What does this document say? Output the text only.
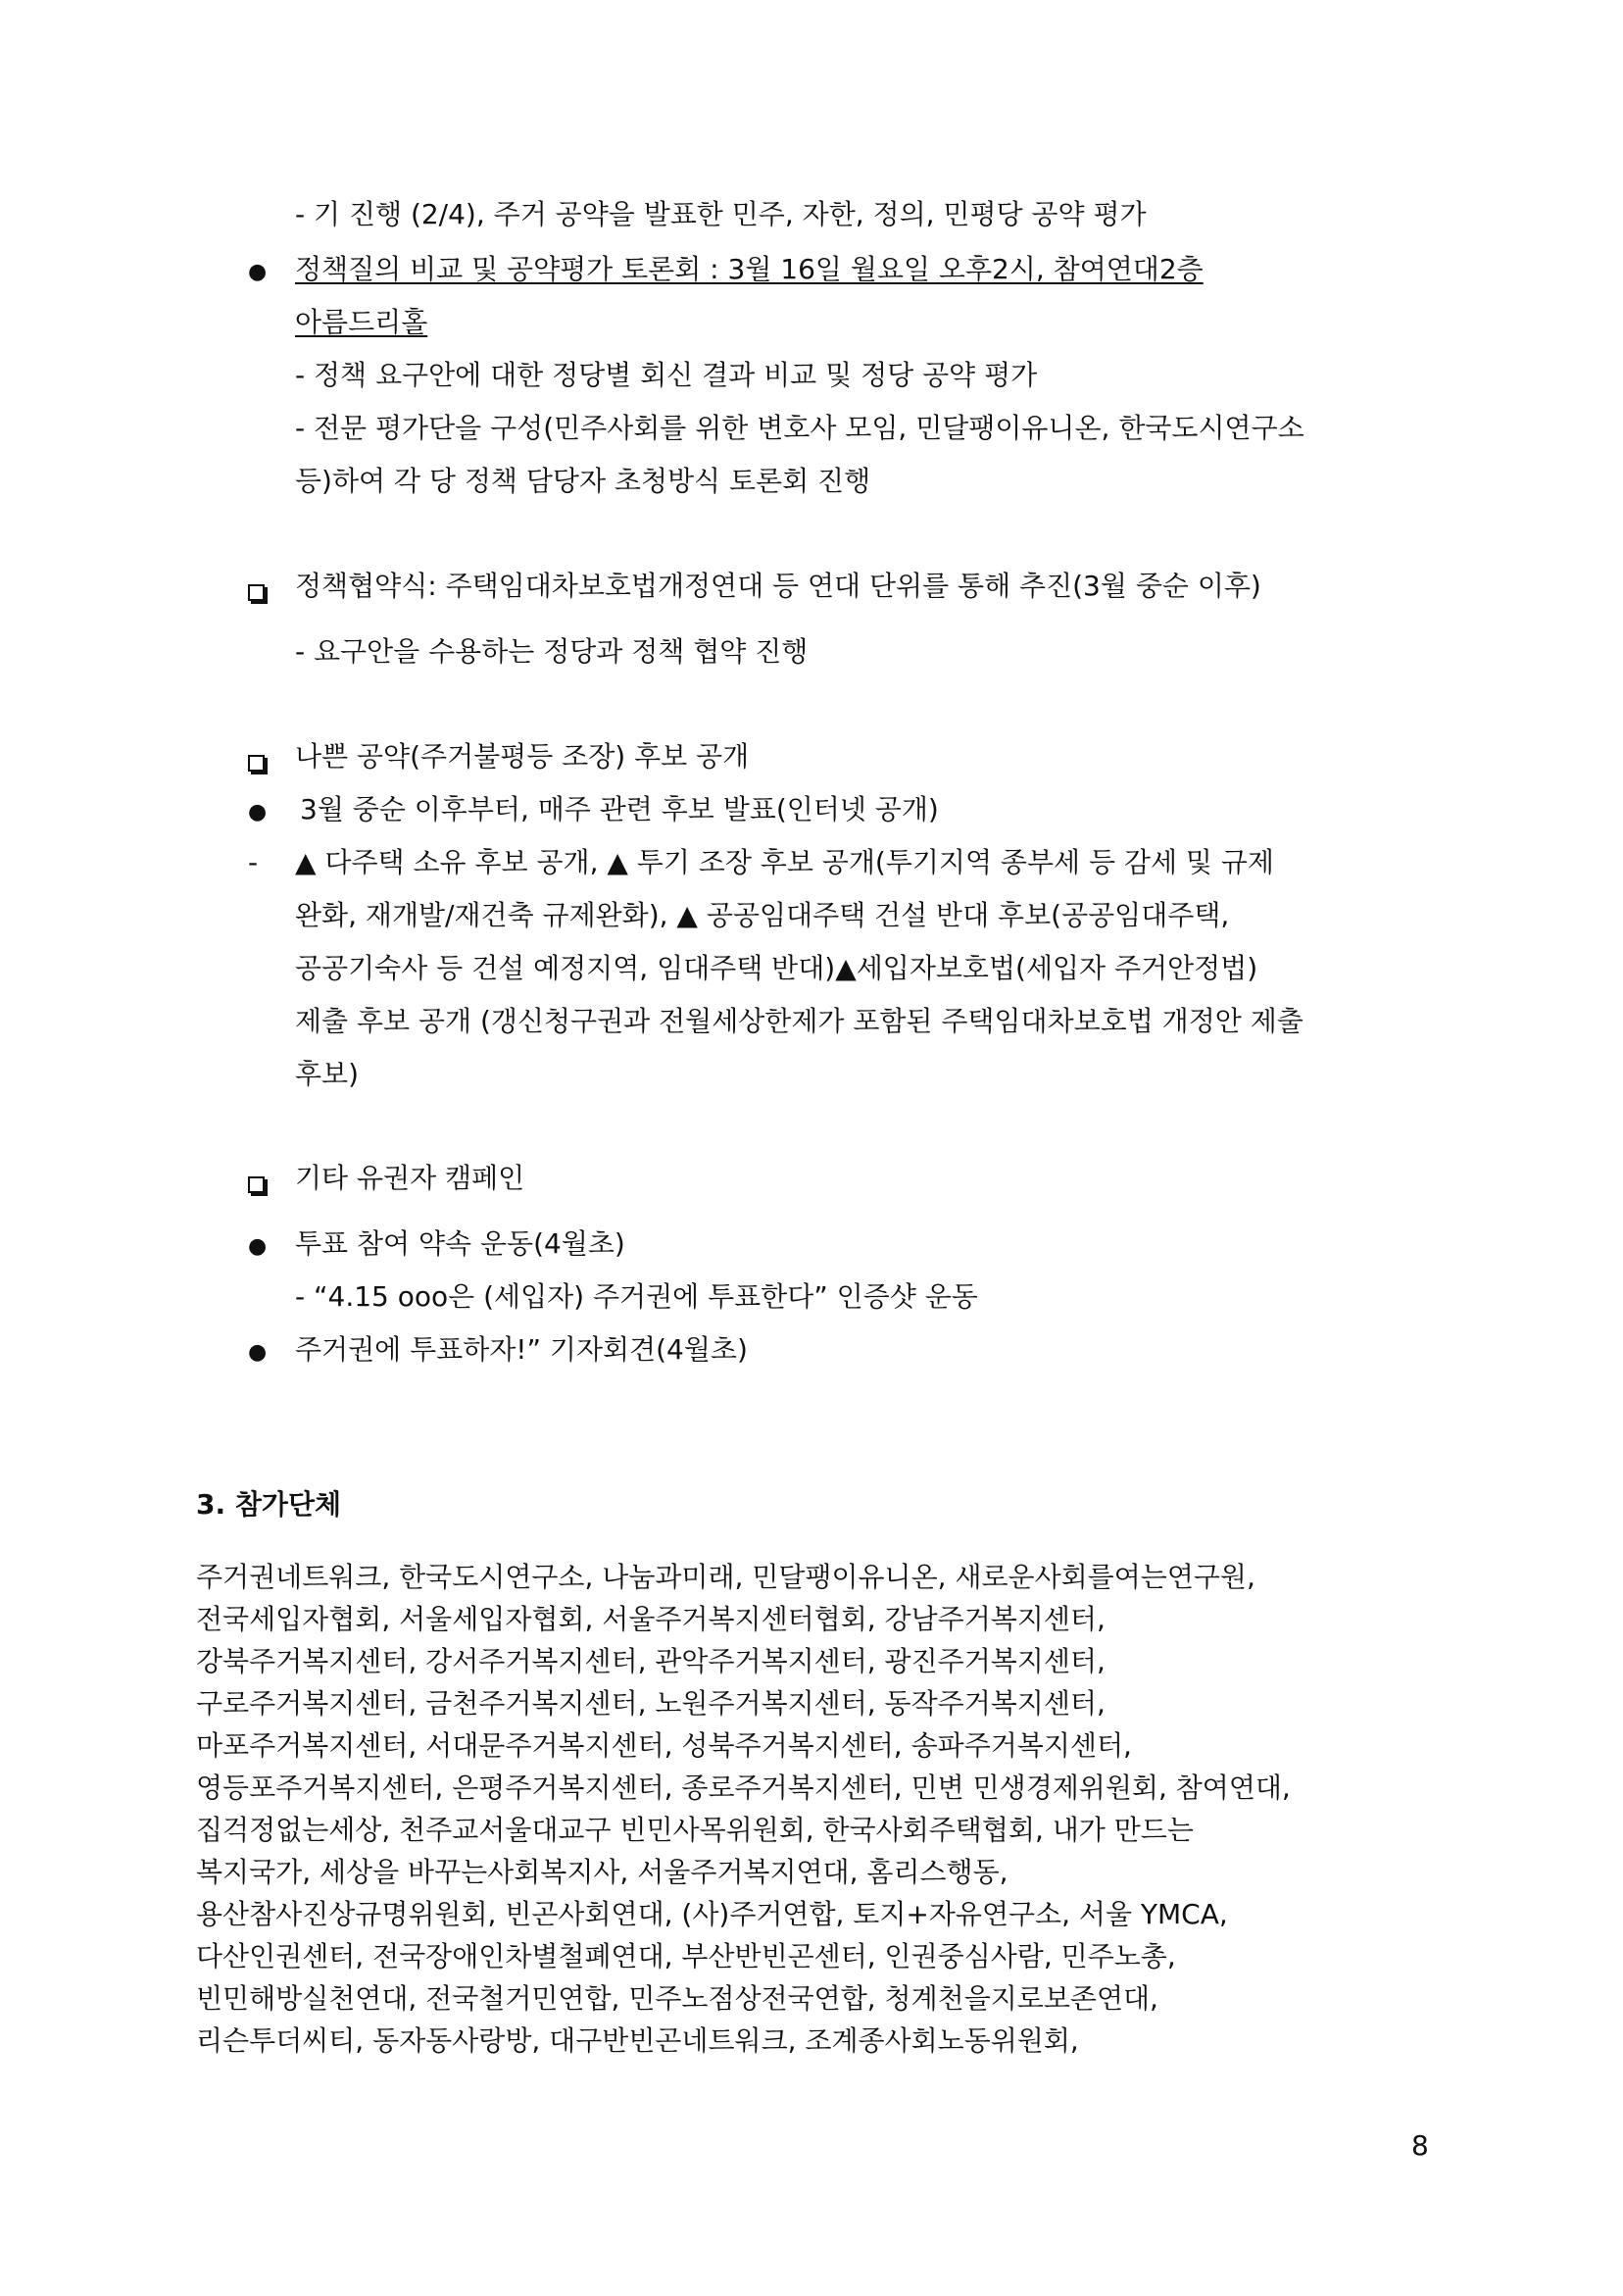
- 기 진행 (2/4), 주거 공약을 발표한 민주, 자한, 정의, 민평당 공약 평가
● 정책질의 비교 및 공약평가 토론회 : 3월 16일 월요일 오후2시, 참여연대2층
아름드리홀
- 정책 요구안에 대한 정당별 회신 결과 비교 및 정당 공약 평가
- 전문 평가단을 구성(민주사회를 위한 변호사 모임, 민달팽이유니온, 한국도시연구소
등)하여 각 당 정책 담당자 초청방식 토론회 진행
정책협약식: 주택임대차보호법개정연대 등 연대 단위를 통해 추진(3월 중순 이후)
- 요구안을 수용하는 정당과 정책 협약 진행
나쁜 공약(주거불평등 조장) 후보 공개
● 3월 중순 이후부터, 매주 관련 후보 발표(인터넷 공개)
- ▲ 다주택 소유 후보 공개, ▲ 투기 조장 후보 공개(투기지역 종부세 등 감세 및 규제
완화, 재개발/재건축 규제완화), ▲ 공공임대주택 건설 반대 후보(공공임대주택,
공공기숙사 등 건설 예정지역, 임대주택 반대)▲세입자보호법(세입자 주거안정법)
제출 후보 공개 (갱신청구권과 전월세상한제가 포함된 주택임대차보호법 개정안 제출
후보)
기타 유권자 캠페인
● 투표 참여 약속 운동(4월초)
- “4.15 ooo은 (세입자) 주거권에 투표한다” 인증샷 운동
● 주거권에 투표하자!” 기자회견(4월초)
3. 참가단체
주거권네트워크, 한국도시연구소, 나눔과미래, 민달팽이유니온, 새로운사회를여는연구원,
전국세입자협회, 서울세입자협회, 서울주거복지센터협회, 강남주거복지센터,
강북주거복지센터, 강서주거복지센터, 관악주거복지센터, 광진주거복지센터,
구로주거복지센터, 금천주거복지센터, 노원주거복지센터, 동작주거복지센터,
마포주거복지센터, 서대문주거복지센터, 성북주거복지센터, 송파주거복지센터,
영등포주거복지센터, 은평주거복지센터, 종로주거복지센터, 민변 민생경제위원회, 참여연대,
집걱정없는세상, 천주교서울대교구 빈민사목위원회, 한국사회주택협회, 내가 만드는
복지국가, 세상을 바꾸는사회복지사, 서울주거복지연대, 홈리스행동,
용산참사진상규명위원회, 빈곤사회연대, (사)주거연합, 토지+자유연구소, 서울 YMCA,
다산인권센터, 전국장애인차별철폐연대, 부산반빈곤센터, 인권중심사람, 민주노총,
빈민해방실천연대, 전국철거민연합, 민주노점상전국연합, 청계천을지로보존연대,
리슨투더씨티, 동자동사랑방, 대구반빈곤네트워크, 조계종사회노동위원회,
8
